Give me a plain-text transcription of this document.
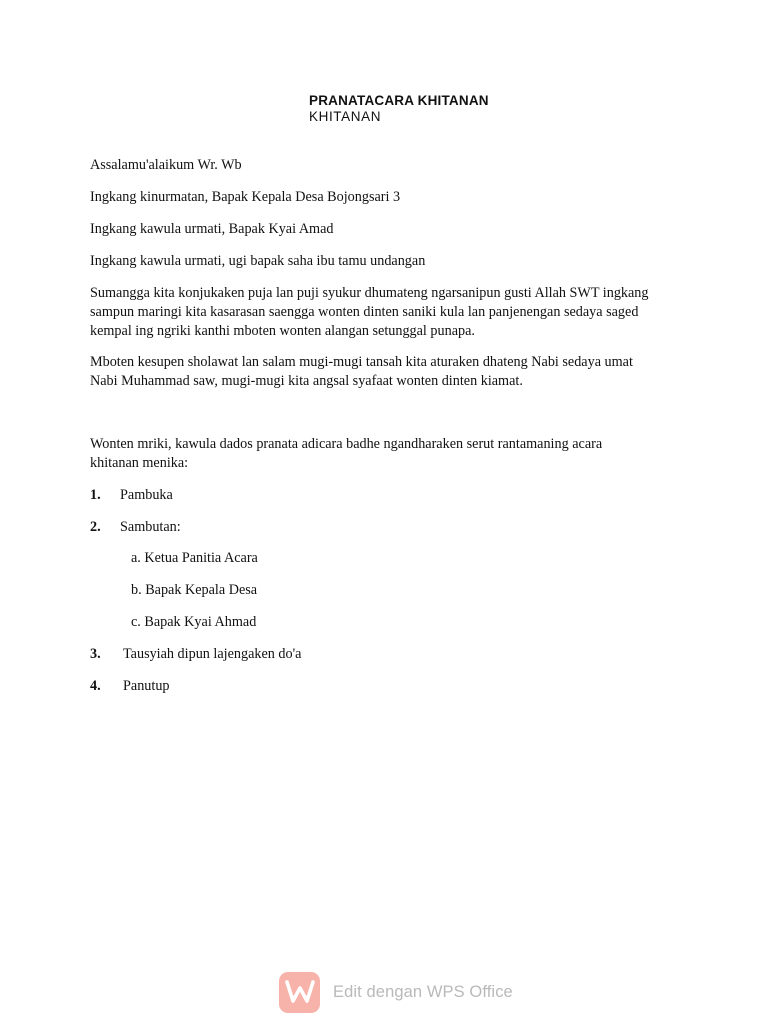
PRANATACARA KHITANAN
KHITANAN

Assalamu'alaikum Wr. Wb

Ingkang kinurmatan, Bapak Kepala Desa Bojongsari 3

Ingkang kawula urmati, Bapak Kyai Amad

Ingkang kawula urmati, ugi bapak saha ibu tamu undangan

Sumangga kita konjukaken puja lan puji syukur dhumateng ngarsanipun gusti Allah SWT ingkang

sampun maringi kita kasarasan saengga wonten dinten saniki kula lan panjenengan sedaya saged

kempal ing ngriki kanthi mboten wonten alangan setunggal punapa.

Mboten kesupen sholawat lan salam mugi-mugi tansah kita aturaken dhateng Nabi sedaya umat

Nabi Muhammad saw, mugi-mugi kita angsal syafaat wonten dinten kiamat.

Wonten mriki, kawula dados pranata adicara badhe ngandharaken serut rantamaning acara

khitanan menika:

1. Pambuka

2. Sambutan:

a. Ketua Panitia Acara

b. Bapak Kepala Desa

c. Bapak Kyai Ahmad

3. Tausyiah dipun lajengaken do'a

4. Panutup

Edit dengan WPS Office
